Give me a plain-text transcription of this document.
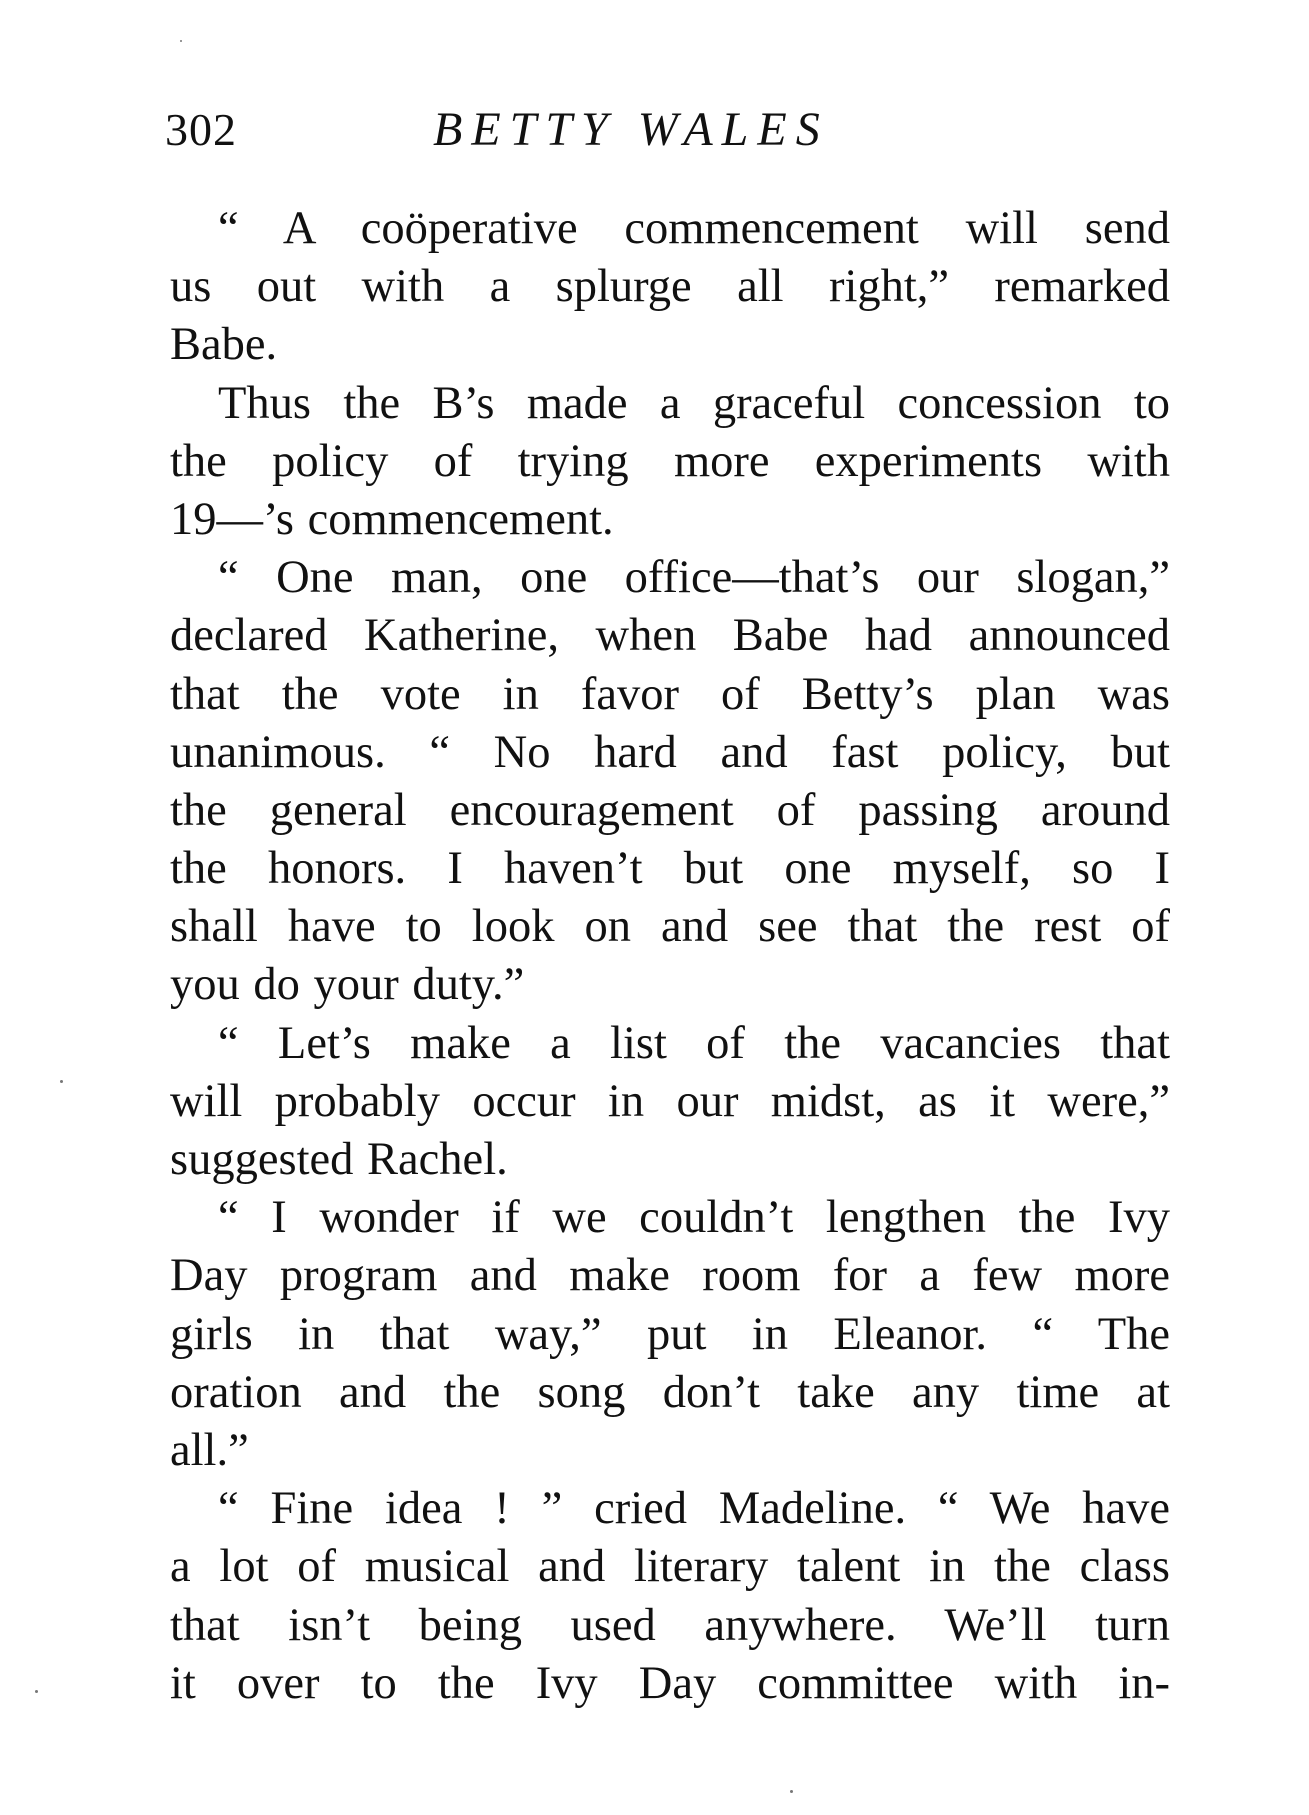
302	BETTY WALES

“ A coöperative commencement will send
us out with a splurge all right,” remarked
Babe.

Thus the B’s made a graceful concession to
the policy of trying more experiments with
19—’s commencement.

“ One man, one office—that’s our slogan,”
declared Katherine, when Babe had announced
that the vote in favor of Betty’s plan was
unanimous. “ No hard and fast policy, but
the general encouragement of passing around
the honors. I haven’t but one myself, so I
shall have to look on and see that the rest of
you do your duty.”

“ Let’s make a list of the vacancies that
will probably occur in our midst, as it were,”
suggested Rachel.

“ I wonder if we couldn’t lengthen the Ivy
Day program and make room for a few more
girls in that way,” put in Eleanor. “ The
oration and the song don’t take any time at
all.”

“ Fine idea ! ” cried Madeline. “ We have
a lot of musical and literary talent in the class
that isn’t being used anywhere. We’ll turn
it over to the Ivy Day committee with in-
